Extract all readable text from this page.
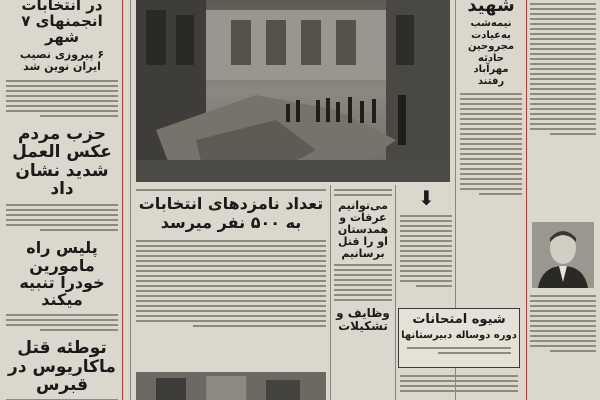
در انتخابات انجمنهای ۷ شهر

۶ پیروزی نصیب ایران نوین شد

حزب مردم عکس العمل شدید نشان داد

پلیس راه مامورین خودرا تنبیه میکند

توطئه قتل ماکاریوس در قبرس

تعداد نامزدهای انتخابات

به ۵۰۰ نفر میرسد

می‌توانیم عرفات و همدستان او را قتل برسانیم

وظایف و تشکیلات

⬇

شهید

نیمه‌شب به‌عیادت مجروحین حادثه مهرآباد رفتند

شیوه امتحانات

دوره دوساله دبیرستانها
